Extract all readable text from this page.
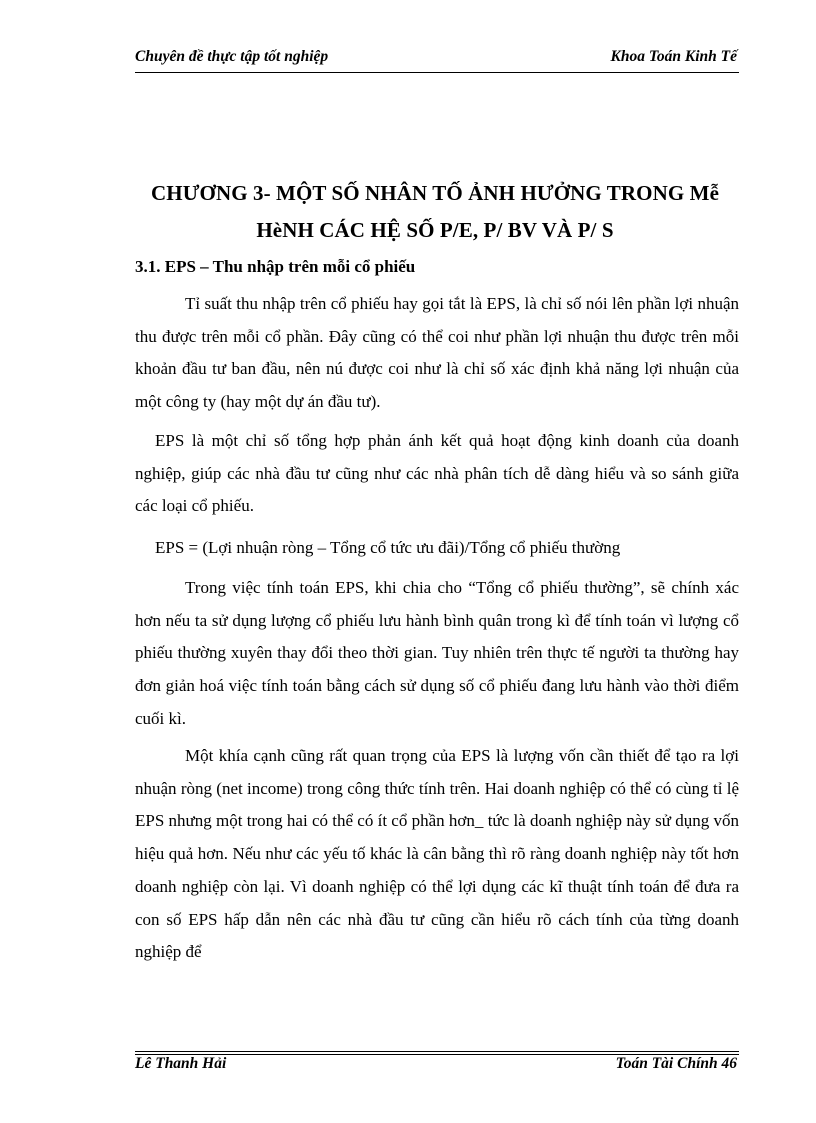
Chuyên đề thực tập tốt nghiệp	Khoa Toán Kinh Tế
CHƯƠNG 3- MỘT SỐ NHÂN TỐ ẢNH HƯỞNG TRONG Mễ
HèNH CÁC HỆ SỐ P/E, P/ BV VÀ P/ S
3.1. EPS – Thu nhập trên mỗi cổ phiếu
Tỉ suất thu nhập trên cổ phiếu hay gọi tắt là EPS, là chỉ số nói lên phần lợi nhuận thu được trên mỗi cổ phần. Đây cũng có thể coi như phần lợi nhuận thu được trên mỗi khoản đầu tư ban đầu, nên nú được coi như là chỉ số xác định khả năng lợi nhuận của một công ty (hay một dự án đầu tư).
EPS là một chỉ số tổng hợp phản ánh kết quả hoạt động kinh doanh của doanh nghiệp, giúp các nhà đầu tư cũng như các nhà phân tích dễ dàng hiểu và so sánh giữa các loại cổ phiếu.
EPS = (Lợi nhuận ròng – Tổng cổ tức ưu đãi)/Tổng cổ phiếu thường
Trong việc tính toán EPS, khi chia cho “Tổng cổ phiếu thường”, sẽ chính xác hơn nếu ta sử dụng lượng cổ phiếu lưu hành bình quân trong kì để tính toán vì lượng cổ phiếu thường xuyên thay đổi theo thời gian. Tuy nhiên trên thực tế người ta thường hay đơn giản hoá việc tính toán bằng cách sử dụng số cổ phiếu đang lưu hành vào thời điểm cuối kì.
Một khía cạnh cũng rất quan trọng của EPS là lượng vốn cần thiết để tạo ra lợi nhuận ròng (net income) trong công thức tính trên. Hai doanh nghiệp có thể có cùng tỉ lệ EPS nhưng một trong hai có thể có ít cổ phần hơn_ tức là doanh nghiệp này sử dụng vốn hiệu quả hơn. Nếu như các yếu tố khác là cân bằng thì rõ ràng doanh nghiệp này tốt hơn doanh nghiệp còn lại. Vì doanh nghiệp có thể lợi dụng các kĩ thuật tính toán để đưa ra con số EPS hấp dẫn nên các nhà đầu tư cũng cần hiểu rõ cách tính của từng doanh nghiệp để
Lê Thanh Hải	Toán Tài Chính 46
